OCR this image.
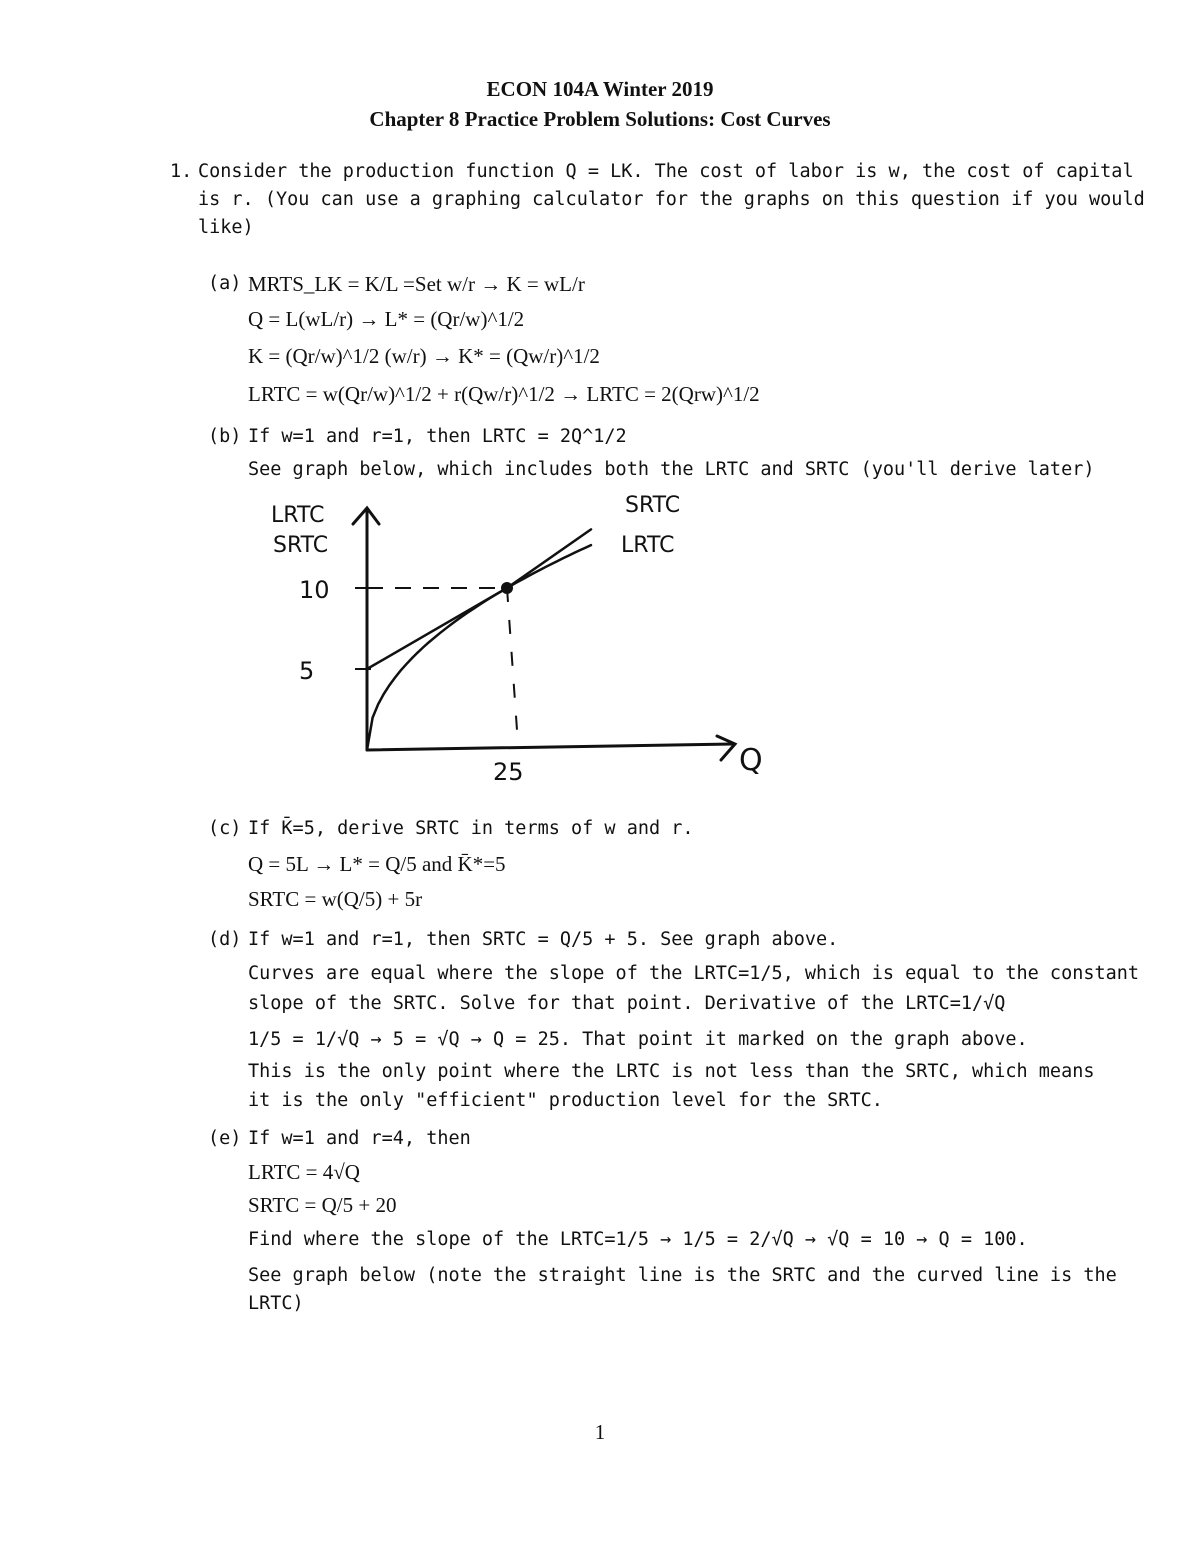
ECON 104A Winter 2019
Chapter 8 Practice Problem Solutions: Cost Curves
1. Consider the production function Q = LK. The cost of labor is w, the cost of capital
is r. (You can use a graphing calculator for the graphs on this question if you would
like)
(a) MRTS_LK = K/L =Set w/r → K = wL/r
Q = L(wL/r) → L* = (Qr/w)^1/2
K = (Qr/w)^1/2 (w/r) → K* = (Qw/r)^1/2
LRTC = w(Qr/w)^1/2 + r(Qw/r)^1/2 → LRTC = 2(Qrw)^1/2
(b) If w=1 and r=1, then LRTC = 2Q^1/2
See graph below, which includes both the LRTC and SRTC (you'll derive later)
LRTC
SRTC
Q
10
5
25
SRTC
LRTC
(c) If K̄=5, derive SRTC in terms of w and r.
Q = 5L → L* = Q/5 and K̄*=5
SRTC = w(Q/5) + 5r
(d) If w=1 and r=1, then SRTC = Q/5 + 5. See graph above.
Curves are equal where the slope of the LRTC=1/5, which is equal to the constant
slope of the SRTC. Solve for that point. Derivative of the LRTC=1/√Q
1/5 = 1/√Q → 5 = √Q → Q = 25. That point it marked on the graph above.
This is the only point where the LRTC is not less than the SRTC, which means
it is the only "efficient" production level for the SRTC.
(e) If w=1 and r=4, then
LRTC = 4√Q
SRTC = Q/5 + 20
Find where the slope of the LRTC=1/5 → 1/5 = 2/√Q → √Q = 10 → Q = 100.
See graph below (note the straight line is the SRTC and the curved line is the
LRTC)
1
